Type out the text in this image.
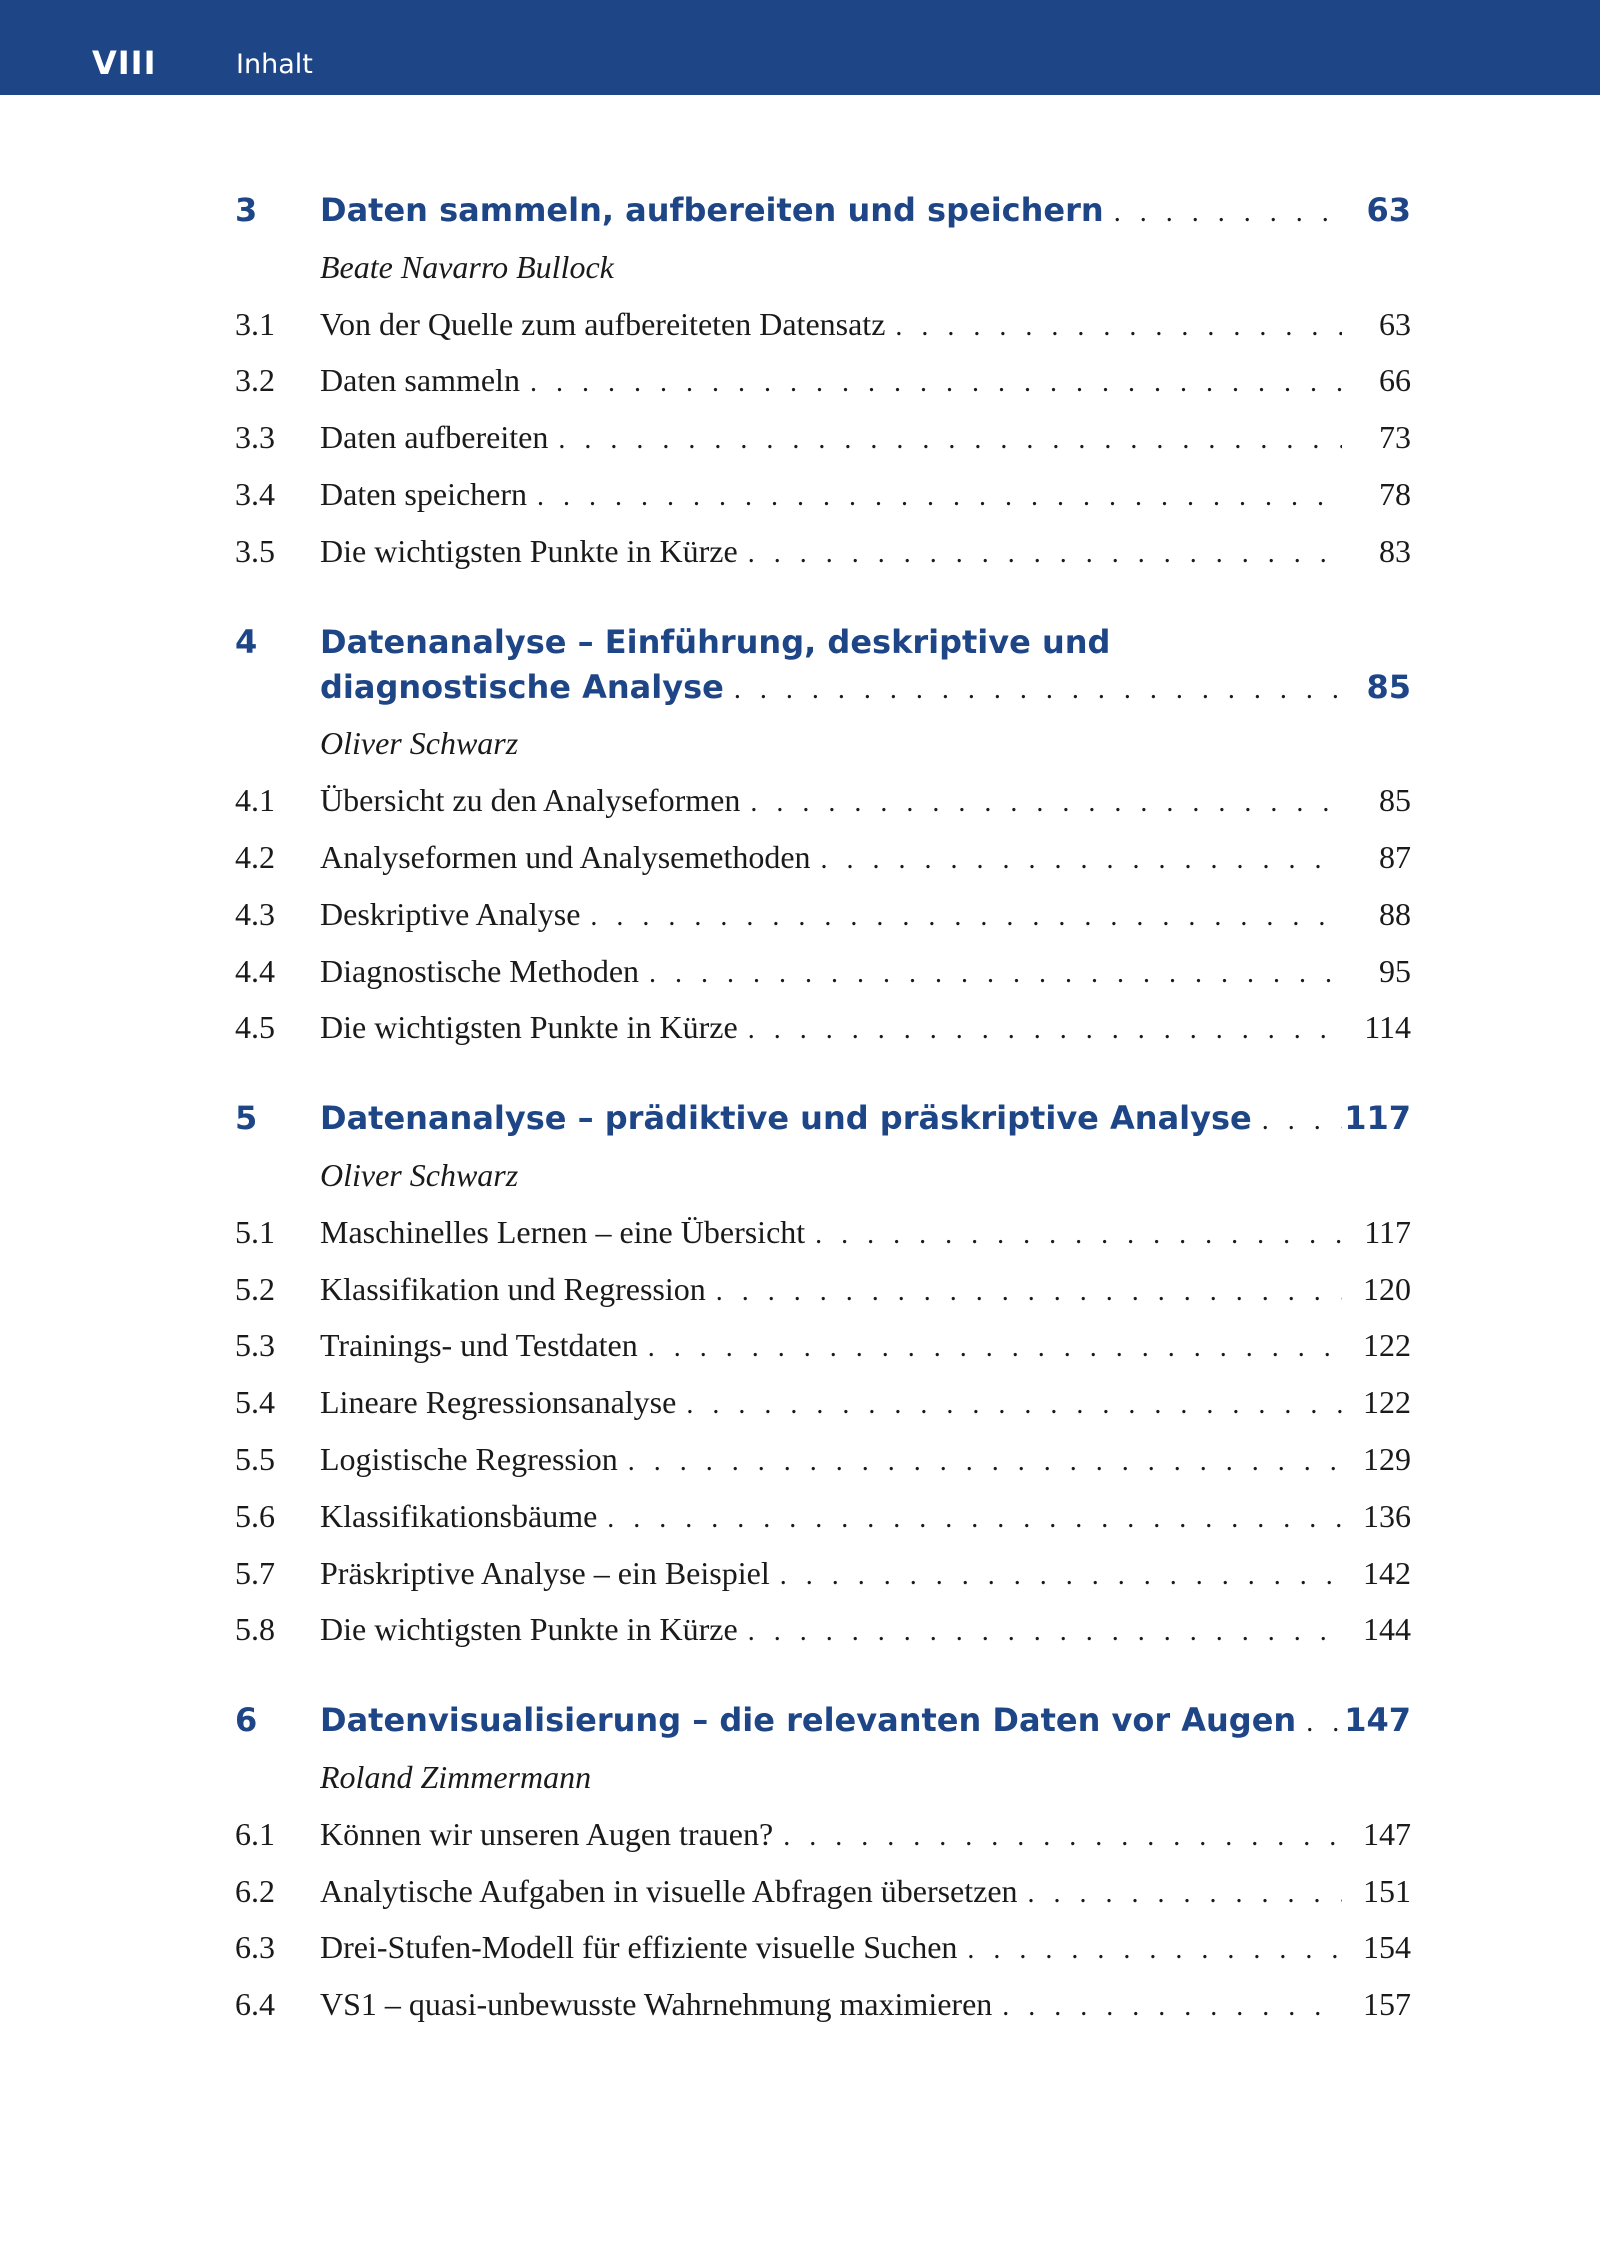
VIII	Inhalt
3 Daten sammeln, aufbereiten und speichern . . .	63
Beate Navarro Bullock
3.1 Von der Quelle zum aufbereiteten Datensatz . . .	63
3.2 Daten sammeln . . .	66
3.3 Daten aufbereiten . . .	73
3.4 Daten speichern . . .	78
3.5 Die wichtigsten Punkte in Kürze . . .	83
4 Datenanalyse – Einführung, deskriptive und
diagnostische Analyse . . .	85
Oliver Schwarz
4.1 Übersicht zu den Analyseformen . . .	85
4.2 Analyseformen und Analysemethoden . . .	87
4.3 Deskriptive Analyse . . .	88
4.4 Diagnostische Methoden . . .	95
4.5 Die wichtigsten Punkte in Kürze . . .	114
5 Datenanalyse – prädiktive und präskriptive Analyse . . .	117
Oliver Schwarz
5.1 Maschinelles Lernen – eine Übersicht . . .	117
5.2 Klassifikation und Regression . . .	120
5.3 Trainings- und Testdaten . . .	122
5.4 Lineare Regressionsanalyse . . .	122
5.5 Logistische Regression . . .	129
5.6 Klassifikationsbäume . . .	136
5.7 Präskriptive Analyse – ein Beispiel . . .	142
5.8 Die wichtigsten Punkte in Kürze . . .	144
6 Datenvisualisierung – die relevanten Daten vor Augen . . . 147
Roland Zimmermann
6.1 Können wir unseren Augen trauen? . . .	147
6.2 Analytische Aufgaben in visuelle Abfragen übersetzen . . .	151
6.3 Drei-Stufen-Modell für effiziente visuelle Suchen . . .	154
6.4 VS1 – quasi-unbewusste Wahrnehmung maximieren . . .	157
